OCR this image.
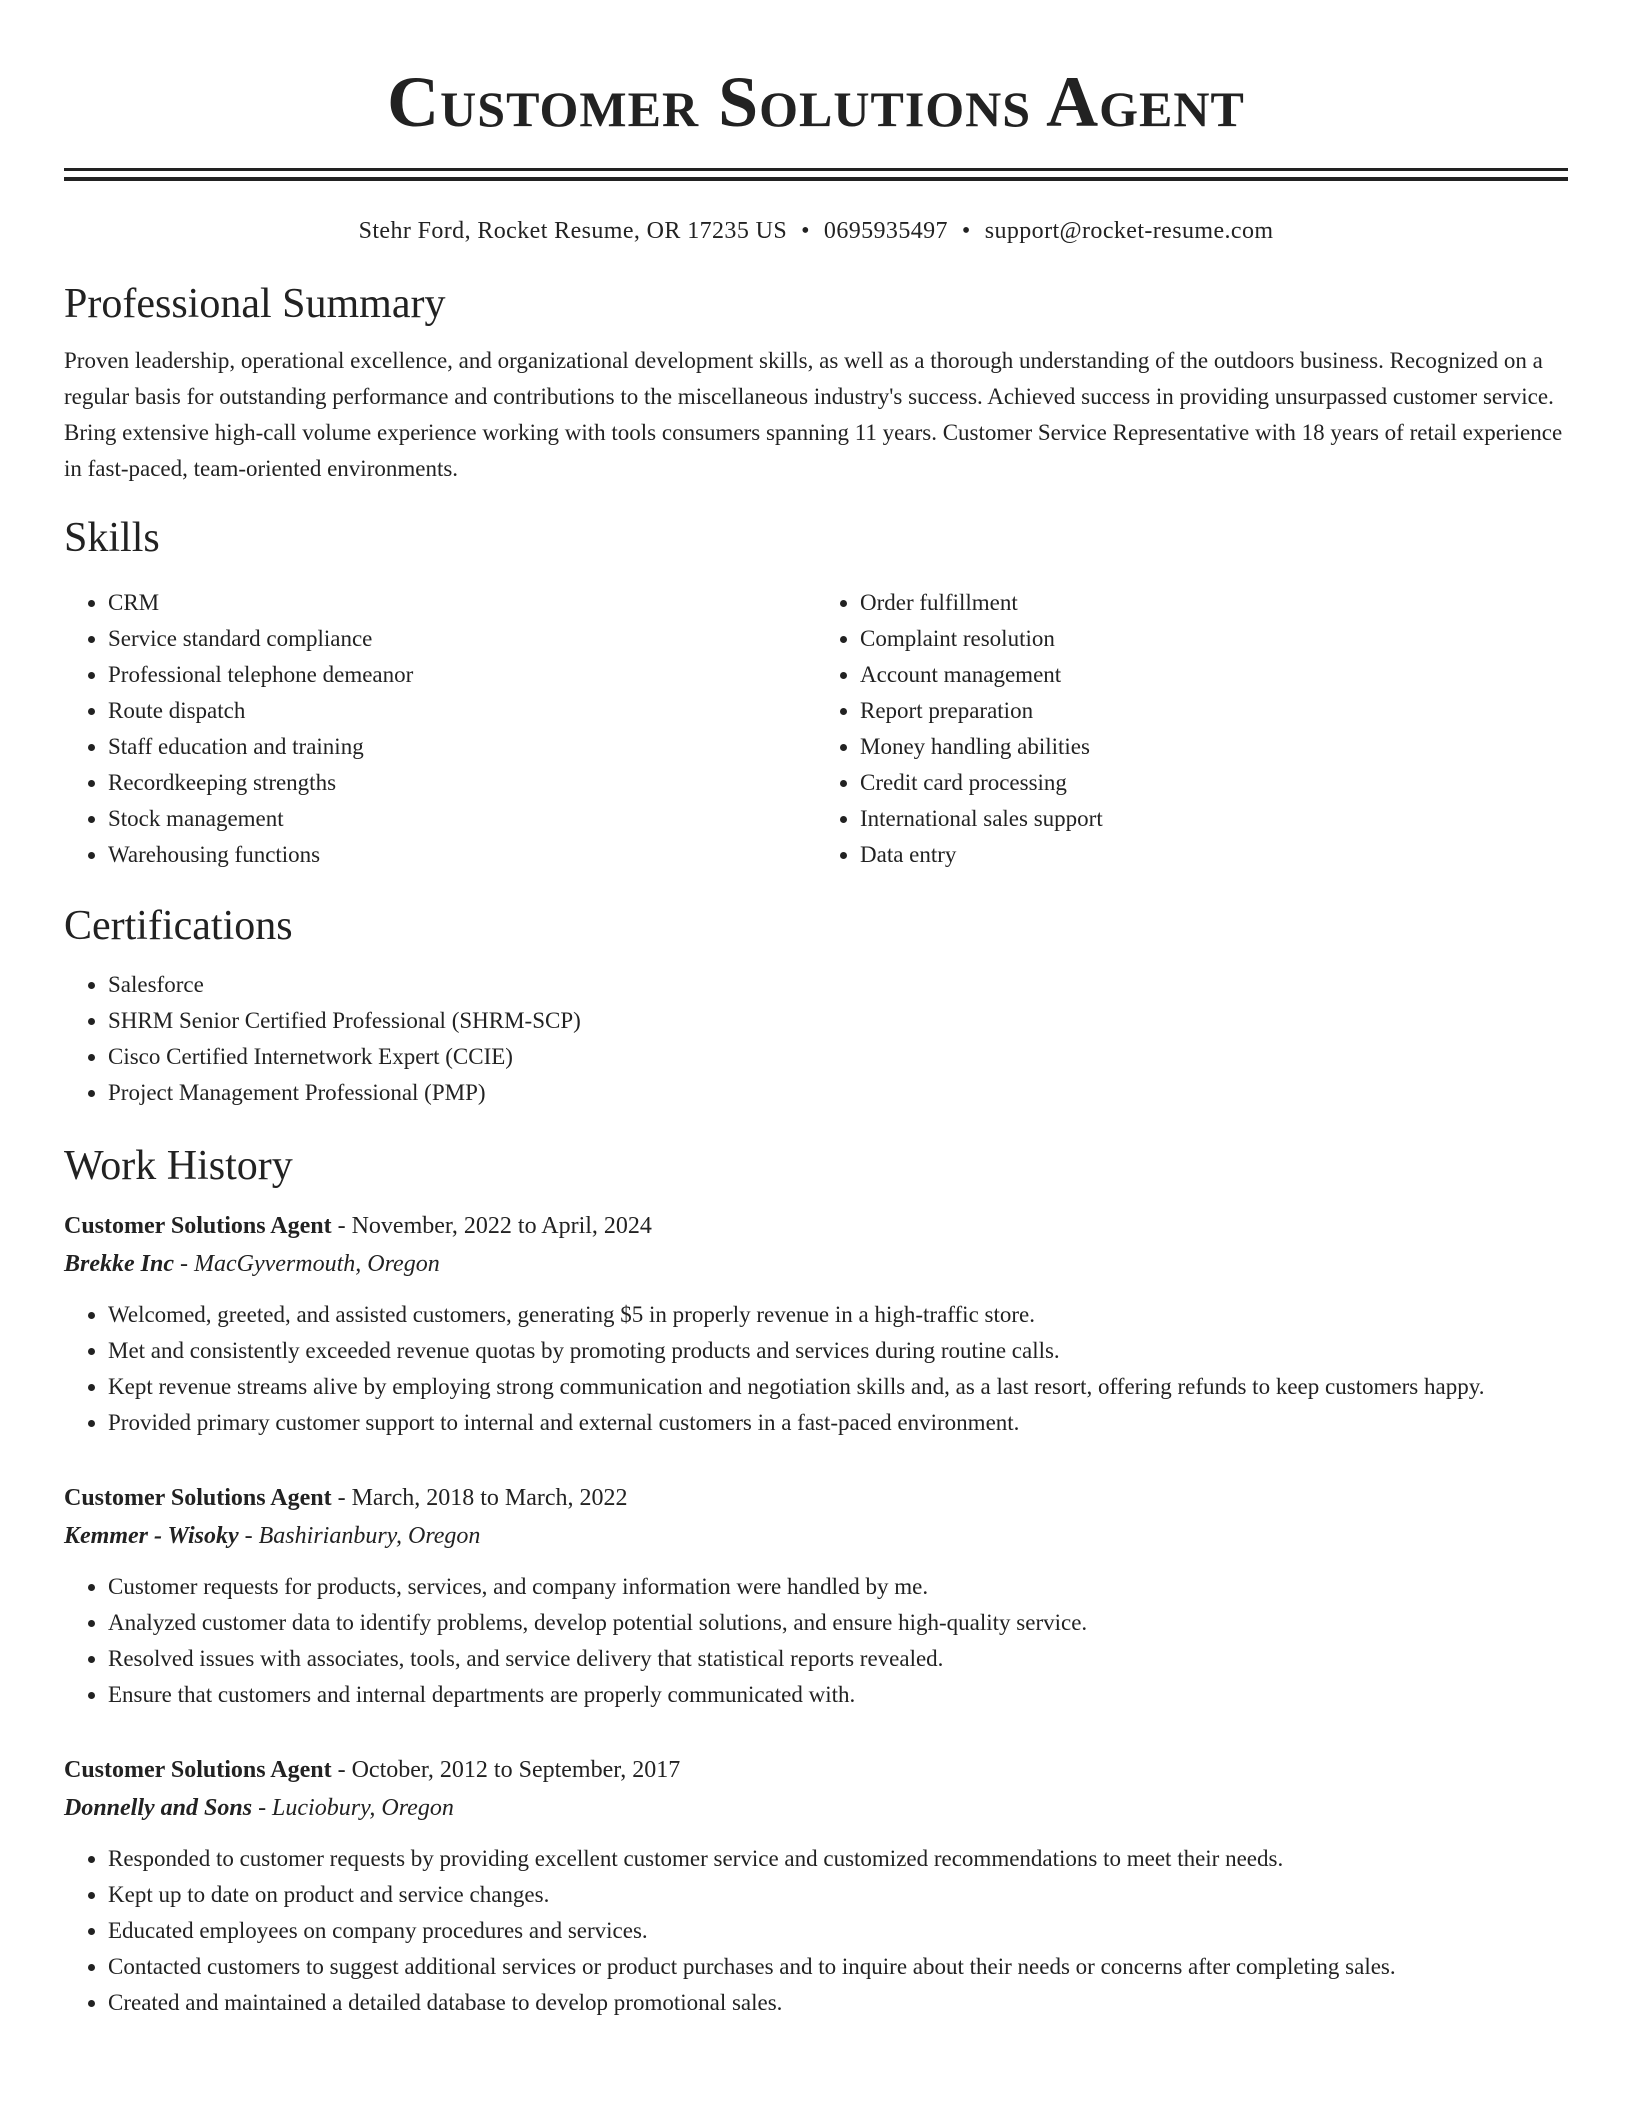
Customer Solutions Agent
Stehr Ford, Rocket Resume, OR 17235 US • 0695935497 • support@rocket-resume.com
Professional Summary

Proven leadership, operational excellence, and organizational development skills, as well as a thorough understanding of the outdoors business. Recognized on a regular basis for outstanding performance and contributions to the miscellaneous industry's success. Achieved success in providing unsurpassed customer service. Bring extensive high-call volume experience working with tools consumers spanning 11 years. Customer Service Representative with 18 years of retail experience in fast-paced, team-oriented environments.

Skills
• CRM
• Service standard compliance
• Professional telephone demeanor
• Route dispatch
• Staff education and training
• Recordkeeping strengths
• Stock management
• Warehousing functions
• Order fulfillment
• Complaint resolution
• Account management
• Report preparation
• Money handling abilities
• Credit card processing
• International sales support
• Data entry
Certifications
• Salesforce
• SHRM Senior Certified Professional (SHRM-SCP)
• Cisco Certified Internetwork Expert (CCIE)
• Project Management Professional (PMP)
Work History
Customer Solutions Agent - November, 2022 to April, 2024
Brekke Inc - MacGyvermouth, Oregon
• Welcomed, greeted, and assisted customers, generating $5 in properly revenue in a high-traffic store.
• Met and consistently exceeded revenue quotas by promoting products and services during routine calls.
• Kept revenue streams alive by employing strong communication and negotiation skills and, as a last resort, offering refunds to keep customers happy.
• Provided primary customer support to internal and external customers in a fast-paced environment.
Customer Solutions Agent - March, 2018 to March, 2022
Kemmer - Wisoky - Bashirianbury, Oregon
• Customer requests for products, services, and company information were handled by me.
• Analyzed customer data to identify problems, develop potential solutions, and ensure high-quality service.
• Resolved issues with associates, tools, and service delivery that statistical reports revealed.
• Ensure that customers and internal departments are properly communicated with.
Customer Solutions Agent - October, 2012 to September, 2017
Donnelly and Sons - Luciobury, Oregon
• Responded to customer requests by providing excellent customer service and customized recommendations to meet their needs.
• Kept up to date on product and service changes.
• Educated employees on company procedures and services.
• Contacted customers to suggest additional services or product purchases and to inquire about their needs or concerns after completing sales.
• Created and maintained a detailed database to develop promotional sales.
